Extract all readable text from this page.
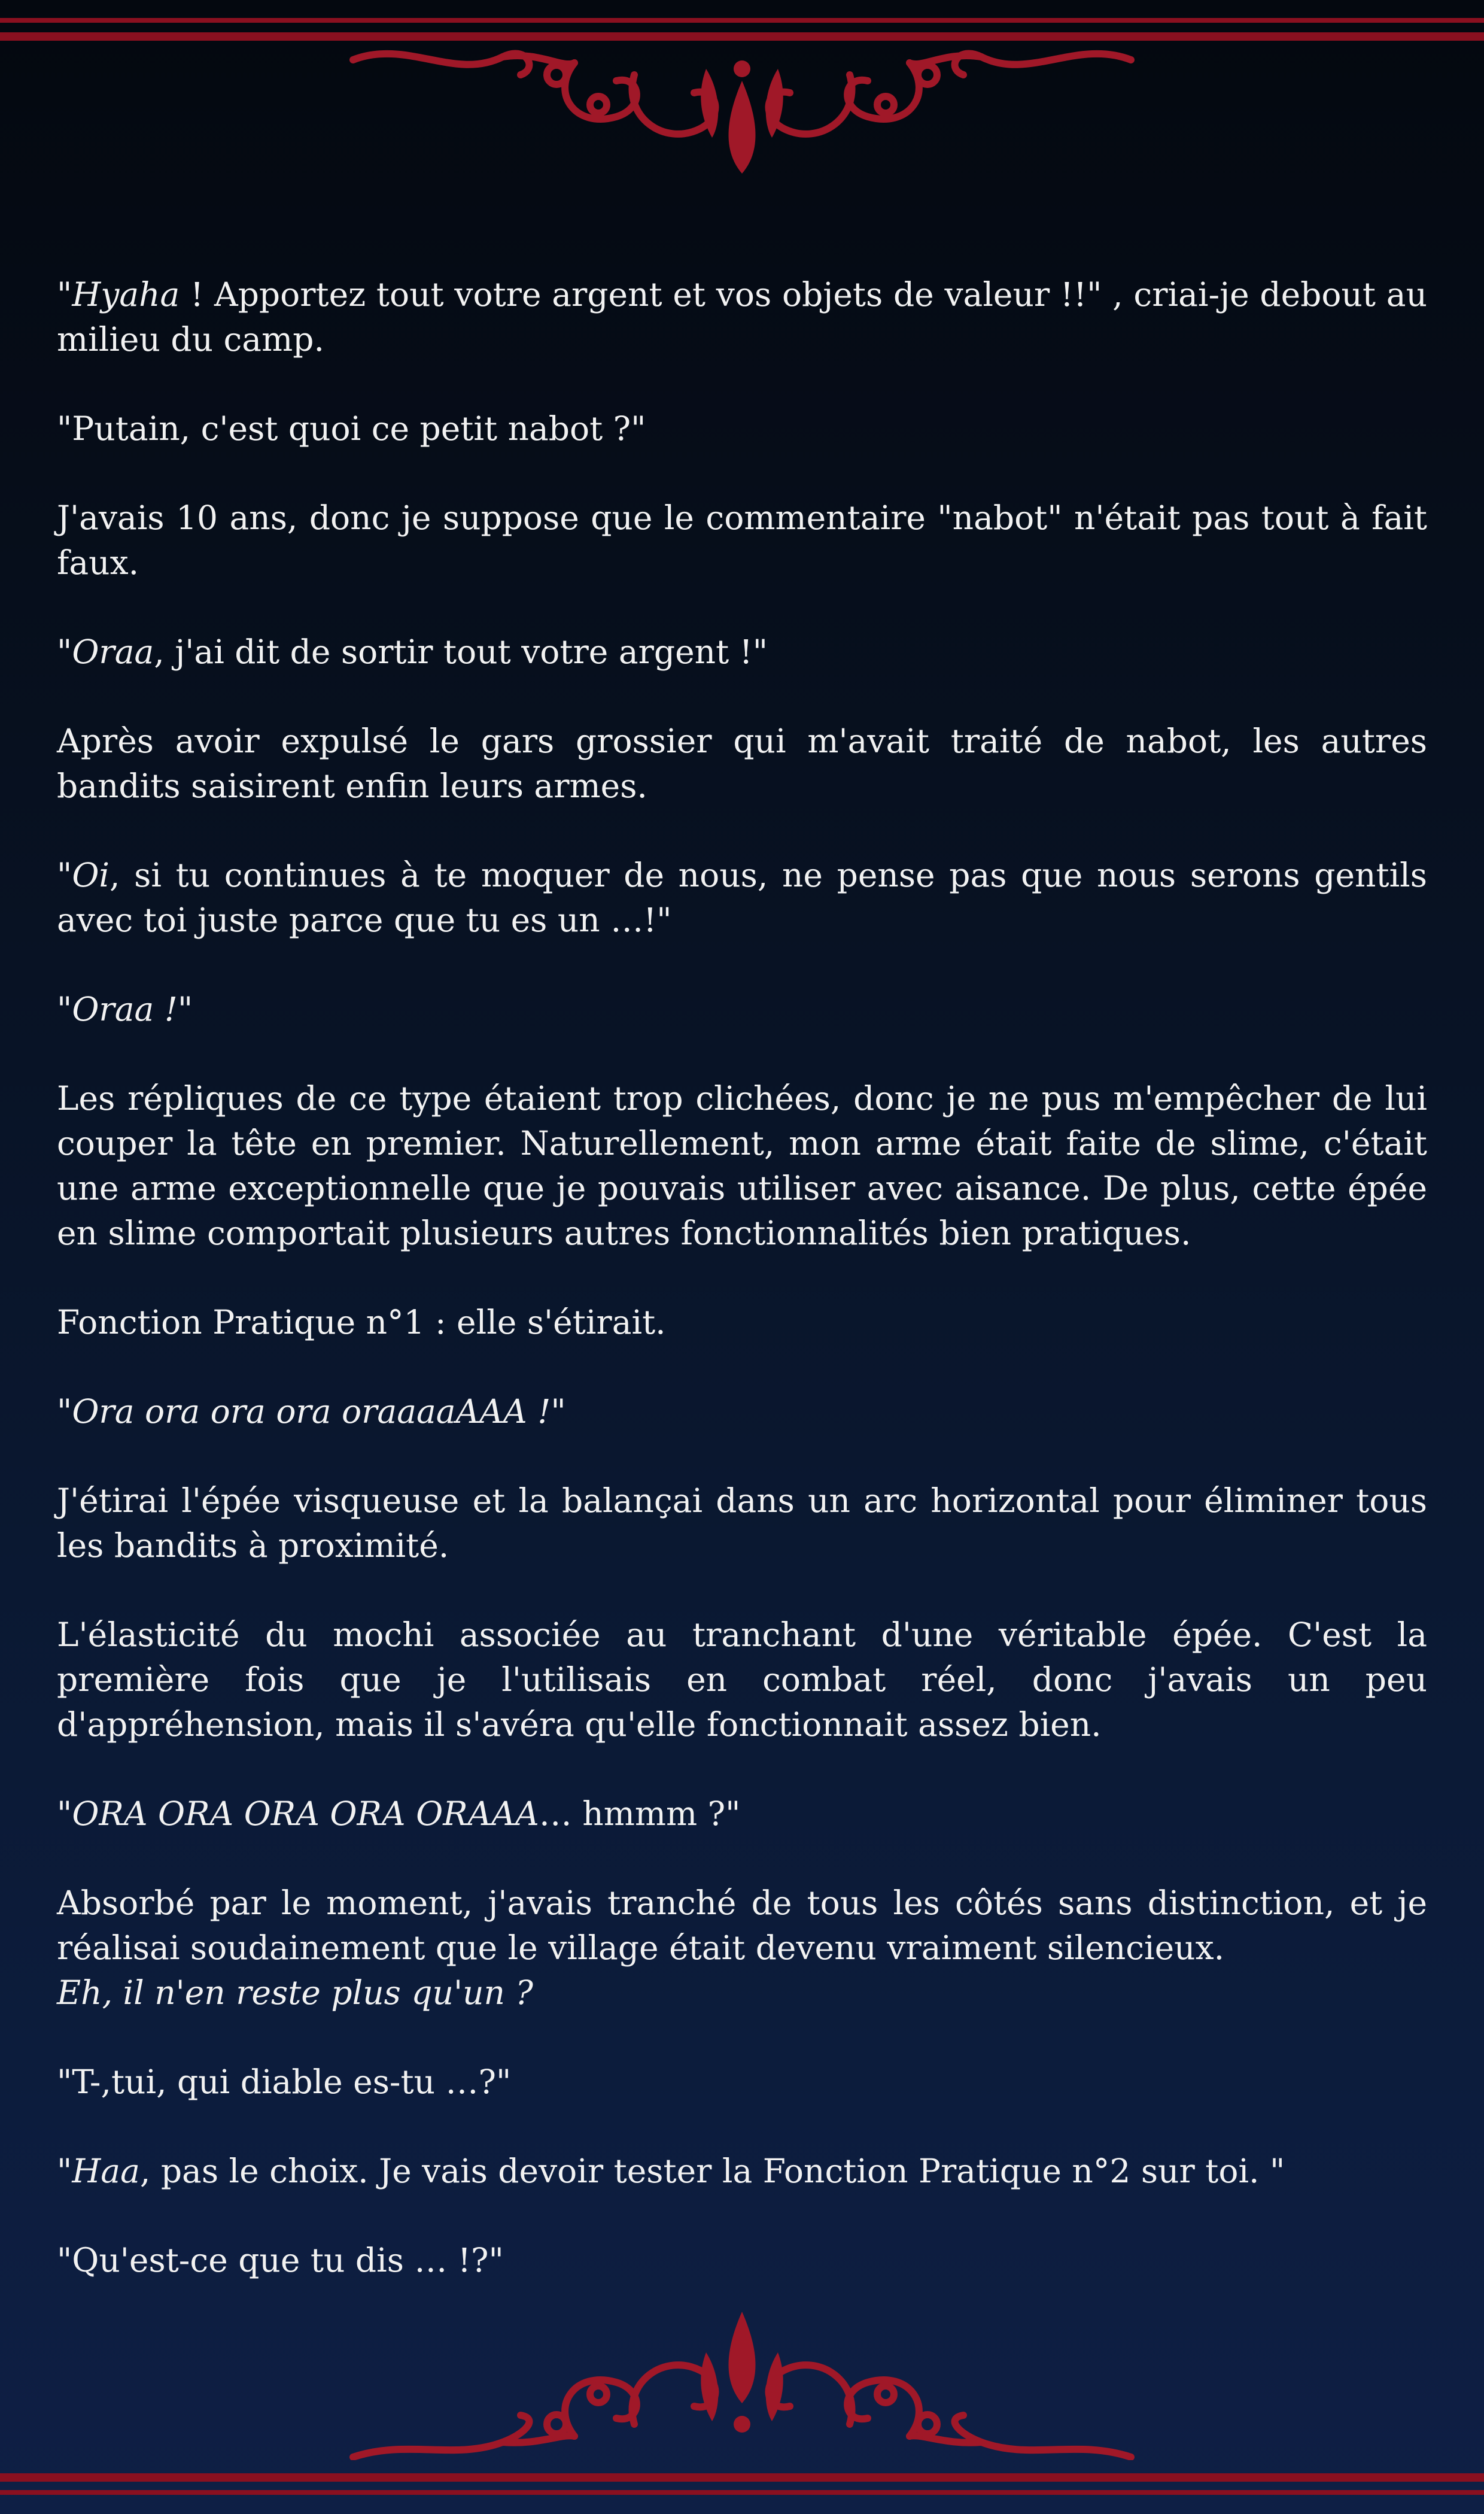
"Hyaha ! Apportez tout votre argent et vos objets de valeur !!" , criai-je debout au milieu du camp.

"Putain, c'est quoi ce petit nabot ?"

J'avais 10 ans, donc je suppose que le commentaire "nabot" n'était pas tout à fait faux.

"Oraa, j'ai dit de sortir tout votre argent !"

Après avoir expulsé le gars grossier qui m'avait traité de nabot, les autres bandits saisirent enfin leurs armes.

"Oi, si tu continues à te moquer de nous, ne pense pas que nous serons gentils avec toi juste parce que tu es un …!"

"Oraa !"

Les répliques de ce type étaient trop clichées, donc je ne pus m'empêcher de lui couper la tête en premier. Naturellement, mon arme était faite de slime, c'était une arme exceptionnelle que je pouvais utiliser avec aisance. De plus, cette épée en slime comportait plusieurs autres fonctionnalités bien pratiques.

Fonction Pratique n°1 : elle s'étirait.

"Ora ora ora ora oraaaaAAA !"

J'étirai l'épée visqueuse et la balançai dans un arc horizontal pour éliminer tous les bandits à proximité.

L'élasticité du mochi associée au tranchant d'une véritable épée. C'est la première fois que je l'utilisais en combat réel, donc j'avais un peu d'appréhension, mais il s'avéra qu'elle fonctionnait assez bien.

"ORA ORA ORA ORA ORAAA… hmmm ?"

Absorbé par le moment, j'avais tranché de tous les côtés sans distinction, et je réalisai soudainement que le village était devenu vraiment silencieux.
Eh, il n'en reste plus qu'un ?

"T-,tui, qui diable es-tu …?"

"Haa, pas le choix. Je vais devoir tester la Fonction Pratique n°2 sur toi. "

"Qu'est-ce que tu dis … !?"
